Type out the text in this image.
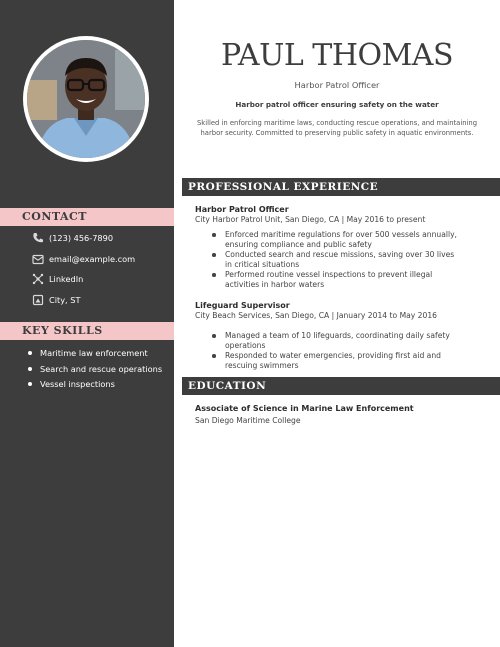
CONTACT
(123) 456-7890
email@example.com
LinkedIn
City, ST
KEY SKILLS
Maritime law enforcement
Search and rescue operations
Vessel inspections
PAUL THOMAS
Harbor Patrol Officer
Harbor patrol officer ensuring safety on the water
Skilled in enforcing maritime laws, conducting rescue operations, and maintaining harbor security. Committed to preserving public safety in aquatic environments.
PROFESSIONAL EXPERIENCE
Harbor Patrol Officer
City Harbor Patrol Unit, San Diego, CA | May 2016 to present
Enforced maritime regulations for over 500 vessels annually, ensuring compliance and public safety
Conducted search and rescue missions, saving over 30 lives in critical situations
Performed routine vessel inspections to prevent illegal activities in harbor waters
Lifeguard Supervisor
City Beach Services, San Diego, CA | January 2014 to May 2016
Managed a team of 10 lifeguards, coordinating daily safety operations
Responded to water emergencies, providing first aid and rescuing swimmers
EDUCATION
Associate of Science in Marine Law Enforcement
San Diego Maritime College
